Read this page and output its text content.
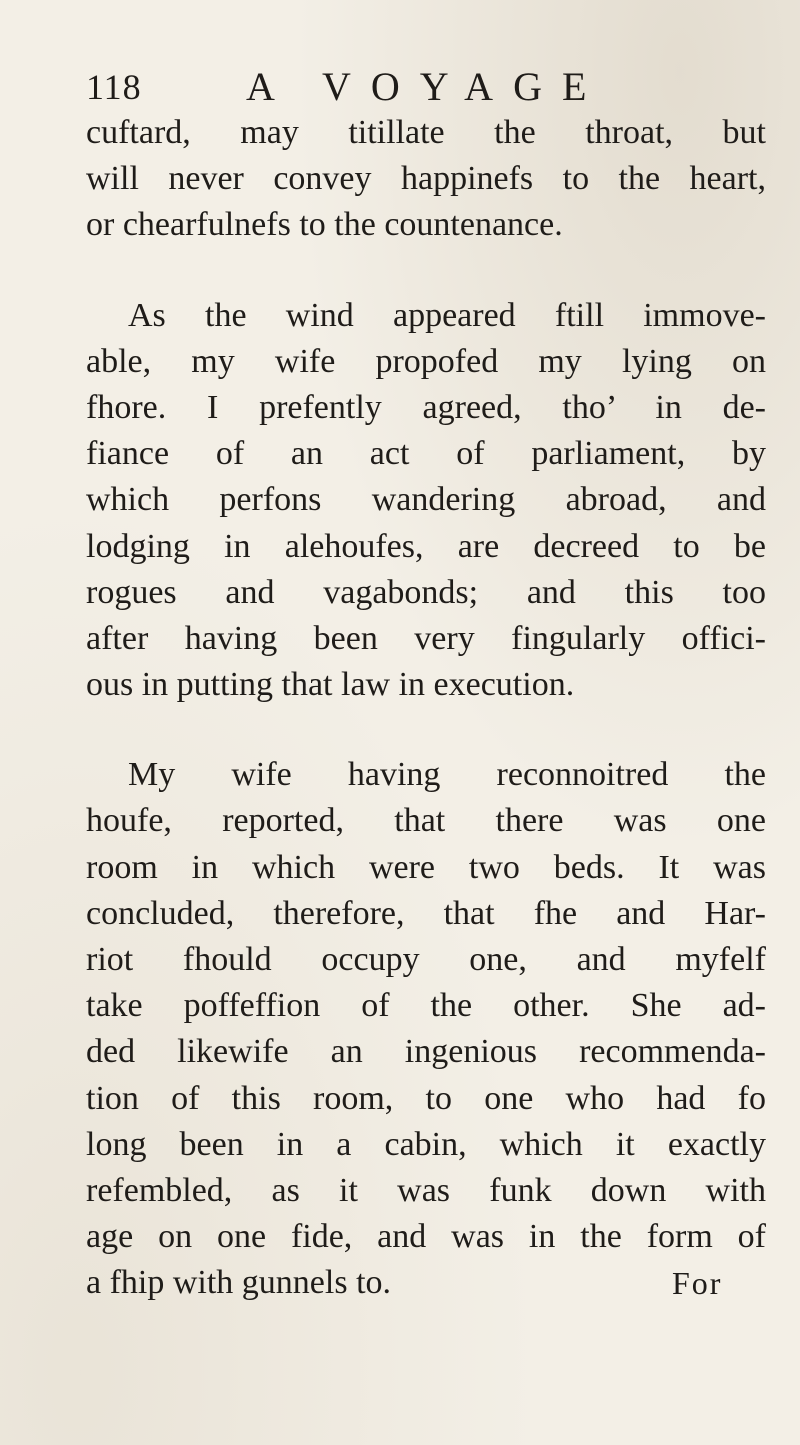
118	A VOYAGE
cuftard, may titillate the throat, but
will never convey happinefs to the heart,
or chearfulnefs to the countenance.
As the wind appeared ftill immove-
able, my wife propofed my lying on
fhore. I prefently agreed, tho’ in de-
fiance of an act of parliament, by
which perfons wandering abroad, and
lodging in alehoufes, are decreed to be
rogues and vagabonds; and this too
after having been very fingularly offici-
ous in putting that law in execution.
My wife having reconnoitred the
houfe, reported, that there was one
room in which were two beds. It was
concluded, therefore, that fhe and Har-
riot fhould occupy one, and myfelf
take poffeffion of the other. She ad-
ded likewife an ingenious recommenda-
tion of this room, to one who had fo
long been in a cabin, which it exactly
refembled, as it was funk down with
age on one fide, and was in the form of
a fhip with gunnels to.	For
